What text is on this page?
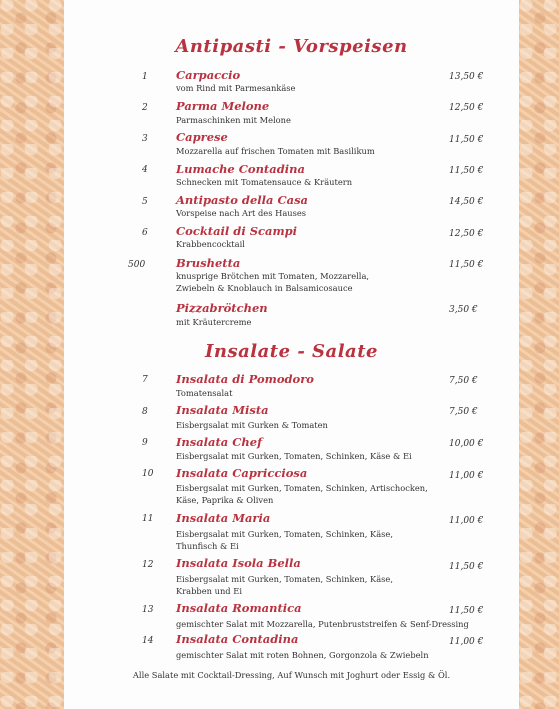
Antipasti - Vorspeisen
1	Carpaccio
vom Rind mit Parmesankäse
13,50 €
2	Parma Melone
Parmaschinken mit Melone
12,50 €
3	Caprese
Mozzarella auf frischen Tomaten mit Basilikum
11,50 €
4	Lumache Contadina
Schnecken mit Tomatensauce & Kräutern
11,50 €
5	Antipasto della Casa
Vorspeise nach Art des Hauses
14,50 €
6	Cocktail di Scampi
Krabbencocktail
12,50 €
500	Brushetta
knusprige Brötchen mit Tomaten, Mozzarella,
Zwiebeln & Knoblauch in Balsamicosauce
11,50 €
Pizzabrötchen
mit Kräutercreme
3,50 €
Insalate - Salate
7	Insalata di Pomodoro
Tomatensalat
7,50 €
8	Insalata Mista
Eisbergsalat mit Gurken & Tomaten
7,50 €
9	Insalata Chef
Eisbergsalat mit Gurken, Tomaten, Schinken, Käse & Ei
10,00 €
10	Insalata Capricciosa
Eisbergsalat mit Gurken, Tomaten, Schinken, Artischocken,
Käse, Paprika & Oliven
11,00 €
11	Insalata Maria
Eisbergsalat mit Gurken, Tomaten, Schinken, Käse,
Thunfisch & Ei
11,00 €
12	Insalata Isola Bella
Eisbergsalat mit Gurken, Tomaten, Schinken, Käse,
Krabben und Ei
11,50 €
13	Insalata Romantica
gemischter Salat mit Mozzarella, Putenbruststreifen & Senf-Dressing
11,50 €
14	Insalata Contadina
gemischter Salat mit roten Bohnen, Gorgonzola & Zwiebeln
11,00 €
Alle Salate mit Cocktail-Dressing, Auf Wunsch mit Joghurt oder Essig & Öl.
